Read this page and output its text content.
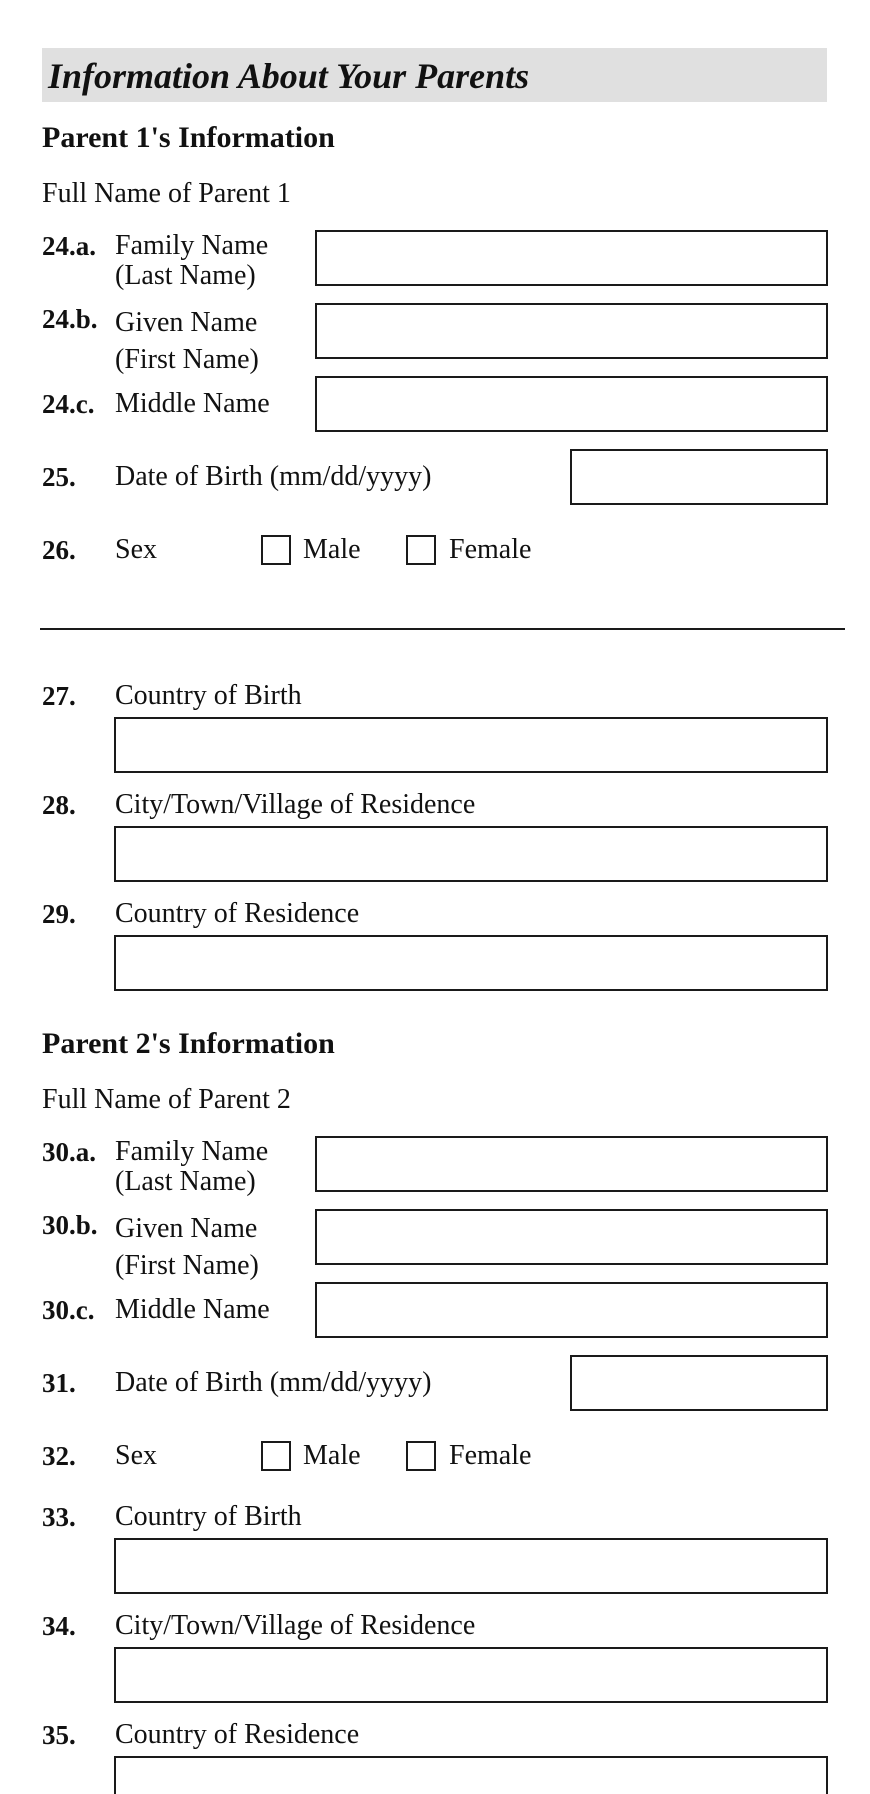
Information About Your Parents
Parent 1's Information
Full Name of Parent 1
24.a. Family Name
(Last Name)
24.b. Given Name
(First Name)
24.c. Middle Name
25. Date of Birth (mm/dd/yyyy)
26. Sex	Male	Female
27. Country of Birth
28. City/Town/Village of Residence
29. Country of Residence
Parent 2's Information
Full Name of Parent 2
30.a. Family Name
(Last Name)
30.b. Given Name
(First Name)
30.c. Middle Name
31. Date of Birth (mm/dd/yyyy)
32. Sex	Male	Female
33. Country of Birth
34. City/Town/Village of Residence
35. Country of Residence
